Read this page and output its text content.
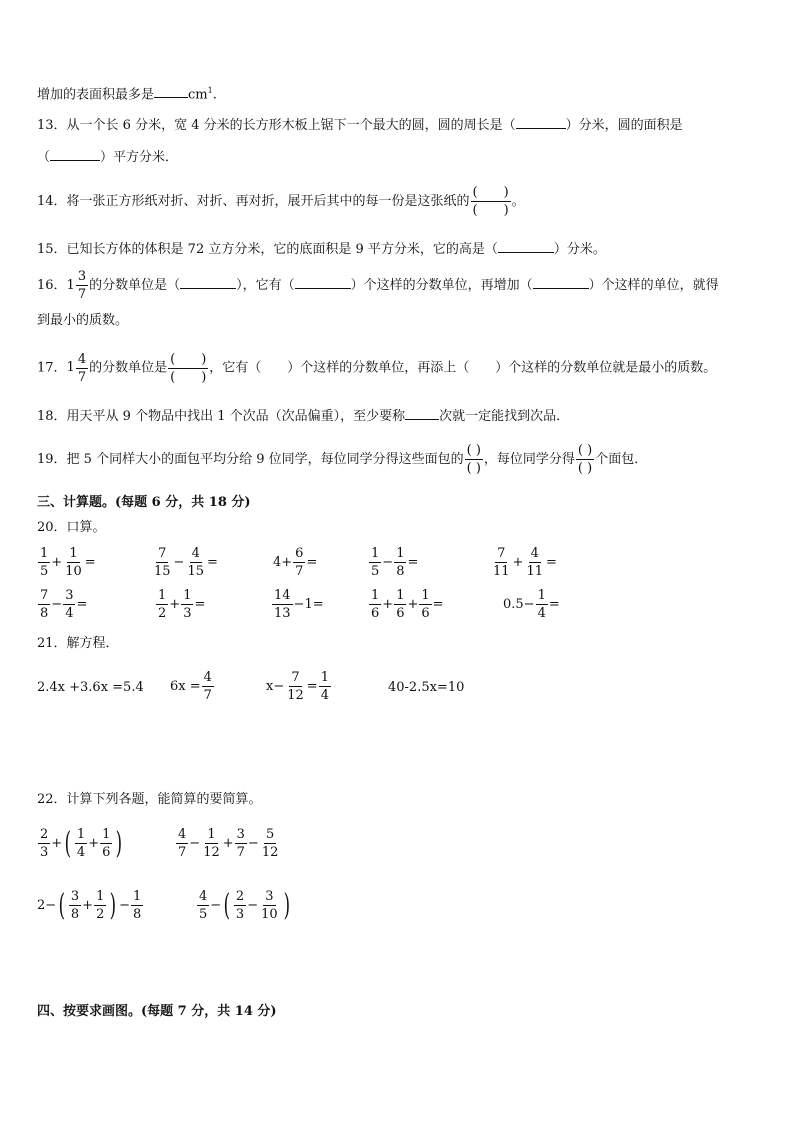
增加的表面积最多是	$cm^1$.
13．从一个长 6 分米，宽 4 分米的长方形木板上锯下一个最大的圆，圆的周长是（	）分米，圆的面积是
（	）平方分米．
14．将一张正方形纸对折、对折、再对折，展开后其中的每一份是这张纸的 $\frac{( )}{( )}$ 。
15．已知长方体的体积是 72 立方分米，它的底面积是 9 平方分米，它的高是（	）分米。
16．$1 \frac{3}{7}$ 的分数单位是（	），它有（	）个这样的分数单位，再增加（	）个这样的单位，就得
到最小的质数。
17．$1 \frac{4}{7}$ 的分数单位是 $\frac{( )}{( )}$ ，它有（　　）个这样的分数单位，再添上（　　）个这样的分数单位就是最小的质数。
18．用天平从 9 个物品中找出 1 个次品（次品偏重），至少要称	次就一定能找到次品．
19．把 5 个同样大小的面包平均分给 9 位同学，每位同学分得这些面包的 $\frac{( )}{( )}$ ，每位同学分得 $\frac{( )}{( )}$ 个面包．
三、计算题。(每题 6 分，共 18 分)
20．口算。
$\frac{1}{5} + \frac{1}{10}$ =	$\frac{7}{15} - \frac{4}{15}$ =	$4+ \frac{6}{7}$ =	$\frac{1}{5} - \frac{1}{8}$ =	$\frac{7}{11} + \frac{4}{11}$ =
$\frac{7}{8} - \frac{3}{4}$ =	$\frac{1}{2} + \frac{1}{3}$ =	$\frac{14}{13} -1=$	$\frac{1}{6} + \frac{1}{6} + \frac{1}{6}$ =	$0.5- \frac{1}{4}$ =
21．解方程．
2.4x +3.6x =5.4 $6x = \frac{4}{7}$	$x- \frac{7}{12} = \frac{1}{4}$	40-2.5x=10
22．计算下列各题，能简算的要简算。
$\frac{2}{3}$ +( $\frac{1}{4} + \frac{1}{6}$ )	$\frac{4}{7} - \frac{1}{12} + \frac{3}{7} - \frac{5}{12}$
$2-( \frac{3}{8} + \frac{1}{2}$ ) − $\frac{1}{8}$	$\frac{4}{5}$ −( $\frac{2}{3} - \frac{3}{10}$ )
四、按要求画图。(每题 7 分，共 14 分)
